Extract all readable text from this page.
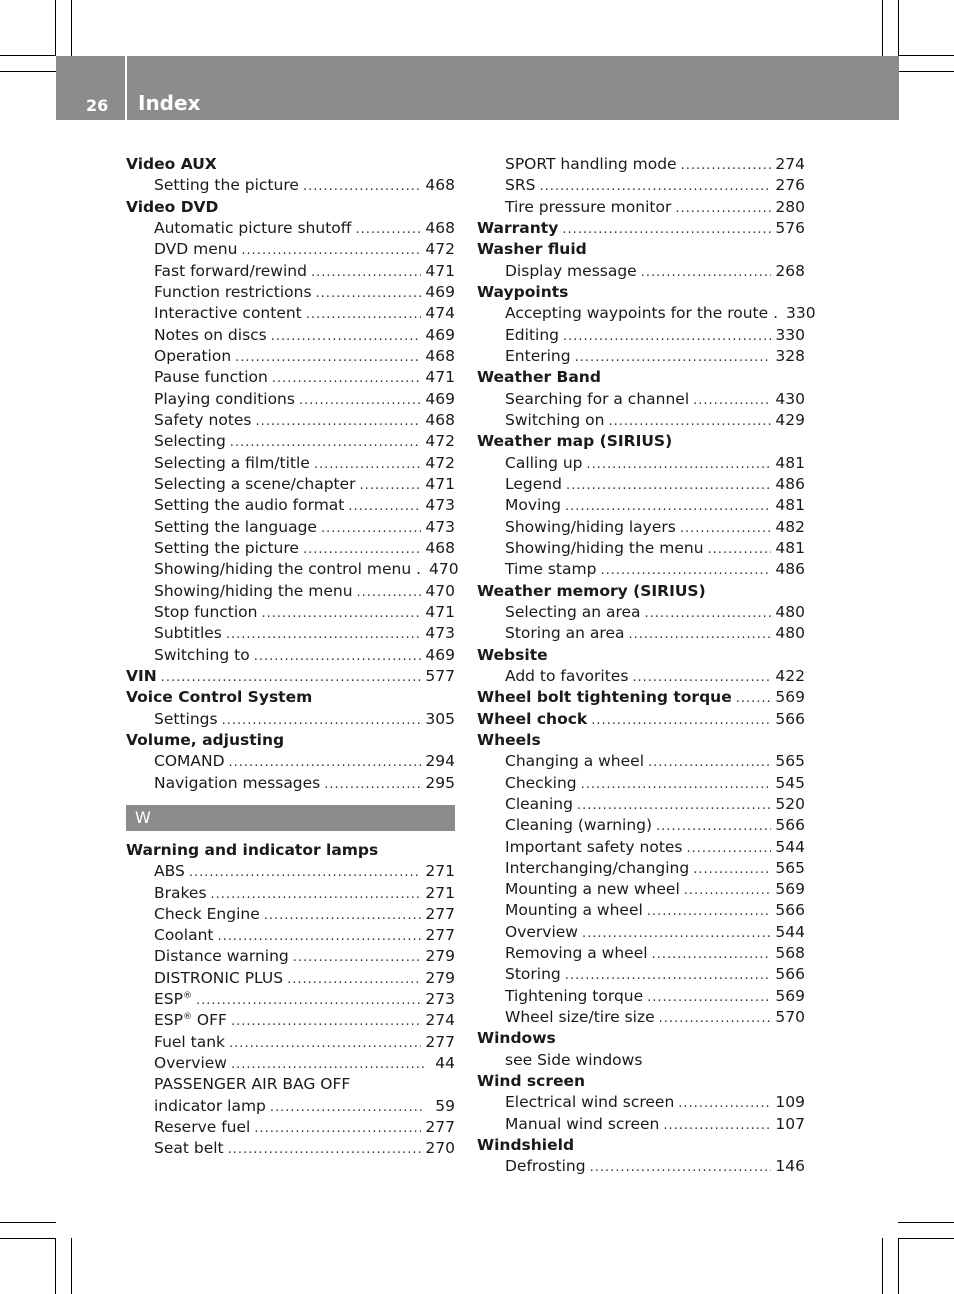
26 Index
Video AUX
Setting the picture .....	468
Video DVD
Automatic picture shutoff .....	468
DVD menu .....	472
Fast forward/rewind .....	471
Function restrictions .....	469
Interactive content .....	474
Notes on discs .....	469
Operation .....	468
Pause function .....	471
Playing conditions .....	469
Safety notes .....	468
Selecting .....	472
Selecting a film/title .....	472
Selecting a scene/chapter .....	471
Setting the audio format .....	473
Setting the language .....	473
Setting the picture .....	468
Showing/hiding the control menu . 470
Showing/hiding the menu .....	470
Stop function .....	471
Subtitles .....	473
Switching to .....	469
VIN .....	577
Voice Control System
Settings .....	305
Volume, adjusting
COMAND .....	294
Navigation messages .....	295
W
Warning and indicator lamps
ABS .....	271
Brakes .....	271
Check Engine .....	277
Coolant .....	277
Distance warning .....	279
DISTRONIC PLUS .....	279
ESP® .....	273
ESP® OFF .....	274
Fuel tank .....	277
Overview .....	44
PASSENGER AIR BAG OFF
indicator lamp .....	59
Reserve fuel .....	277
Seat belt .....	270
SPORT handling mode .....	274
SRS .....	276
Tire pressure monitor .....	280
Warranty .....	576
Washer fluid
Display message .....	268
Waypoints
Accepting waypoints for the route . 330
Editing .....	330
Entering .....	328
Weather Band
Searching for a channel .....	430
Switching on .....	429
Weather map (SIRIUS)
Calling up .....	481
Legend .....	486
Moving .....	481
Showing/hiding layers .....	482
Showing/hiding the menu .....	481
Time stamp .....	486
Weather memory (SIRIUS)
Selecting an area .....	480
Storing an area .....	480
Website
Add to favorites .....	422
Wheel bolt tightening torque .....	569
Wheel chock .....	566
Wheels
Changing a wheel .....	565
Checking .....	545
Cleaning .....	520
Cleaning (warning) .....	566
Important safety notes .....	544
Interchanging/changing .....	565
Mounting a new wheel .....	569
Mounting a wheel .....	566
Overview .....	544
Removing a wheel .....	568
Storing .....	566
Tightening torque .....	569
Wheel size/tire size .....	570
Windows
see Side windows
Wind screen
Electrical wind screen .....	109
Manual wind screen .....	107
Windshield
Defrosting .....	146
